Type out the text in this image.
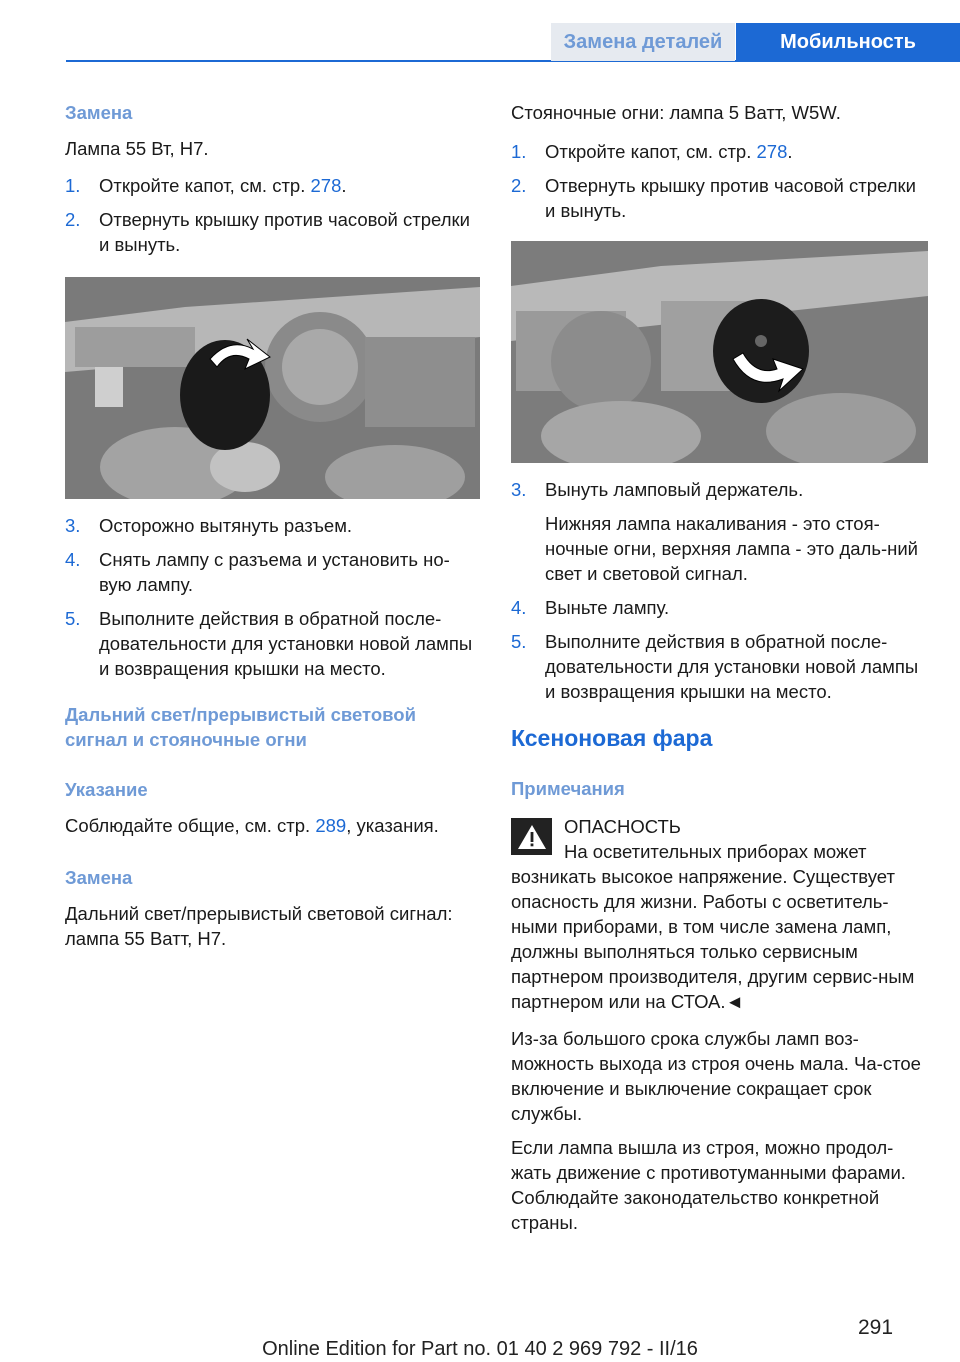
Замена деталей	Мобильность

Замена

Лампа 55 Вт, H7.

1. Откройте капот, см. стр. 278.
2. Отвернуть крышку против часовой стрелки и вынуть.
3. Осторожно вытянуть разъем.
4. Снять лампу с разъема и установить но-вую лампу.
5. Выполните действия в обратной после-довательности для установки новой лампы и возвращения крышки на место.

Дальний свет/прерывистый световой сигнал и стояночные огни

Указание

Соблюдайте общие, см. стр. 289, указания.

Замена

Дальний свет/прерывистый световой сигнал: лампа 55 Ватт, H7.

Стояночные огни: лампа 5 Ватт, W5W.

1. Откройте капот, см. стр. 278.
2. Отвернуть крышку против часовой стрелки и вынуть.
3. Вынуть ламповый держатель.

Нижняя лампа накаливания - это стоя-ночные огни, верхняя лампа - это даль-ний свет и световой сигнал.

4. Выньте лампу.
5. Выполните действия в обратной после-довательности для установки новой лампы и возвращения крышки на место.

Ксеноновая фара

Примечания

ОПАСНОСТЬ

На осветительных приборах может возникать высокое напряжение. Существует опасность для жизни. Работы с осветитель-ными приборами, в том числе замена ламп, должны выполняться только сервисным партнером производителя, другим сервис-ным партнером или на СТОА.◄

Из-за большого срока службы ламп воз-можность выхода из строя очень мала. Ча-стое включение и выключение сокращает срок службы.

Если лампа вышла из строя, можно продол-жать движение с противотуманными фарами. Соблюдайте законодательство конкретной страны.

291
Online Edition for Part no. 01 40 2 969 792 - II/16
